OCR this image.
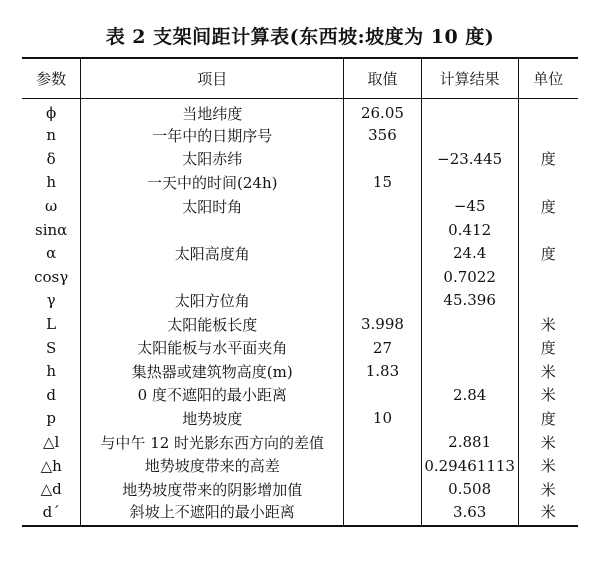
表 2 支架间距计算表(东西坡:坡度为 10 度)
参数	项目	取值	计算结果	单位
ϕ	当地纬度	26.05		
n	一年中的日期序号	356		
δ	太阳赤纬		−23.445	度
h	一天中的时间(24h)	15		
ω	太阳时角		−45	度
sinα			0.412	
α	太阳高度角		24.4	度
cosγ			0.7022	
γ	太阳方位角		45.396	
L	太阳能板长度	3.998		米
S	太阳能板与水平面夹角	27		度
h	集热器或建筑物高度(m)	1.83		米
d	0 度不遮阳的最小距离		2.84	米
p	地势坡度	10		度
△l	与中午 12 时光影东西方向的差值		2.881	米
△h	地势坡度带来的高差		0.29461113	米
△d	地势坡度带来的阴影增加值		0.508	米
d´	斜坡上不遮阳的最小距离		3.63	米
